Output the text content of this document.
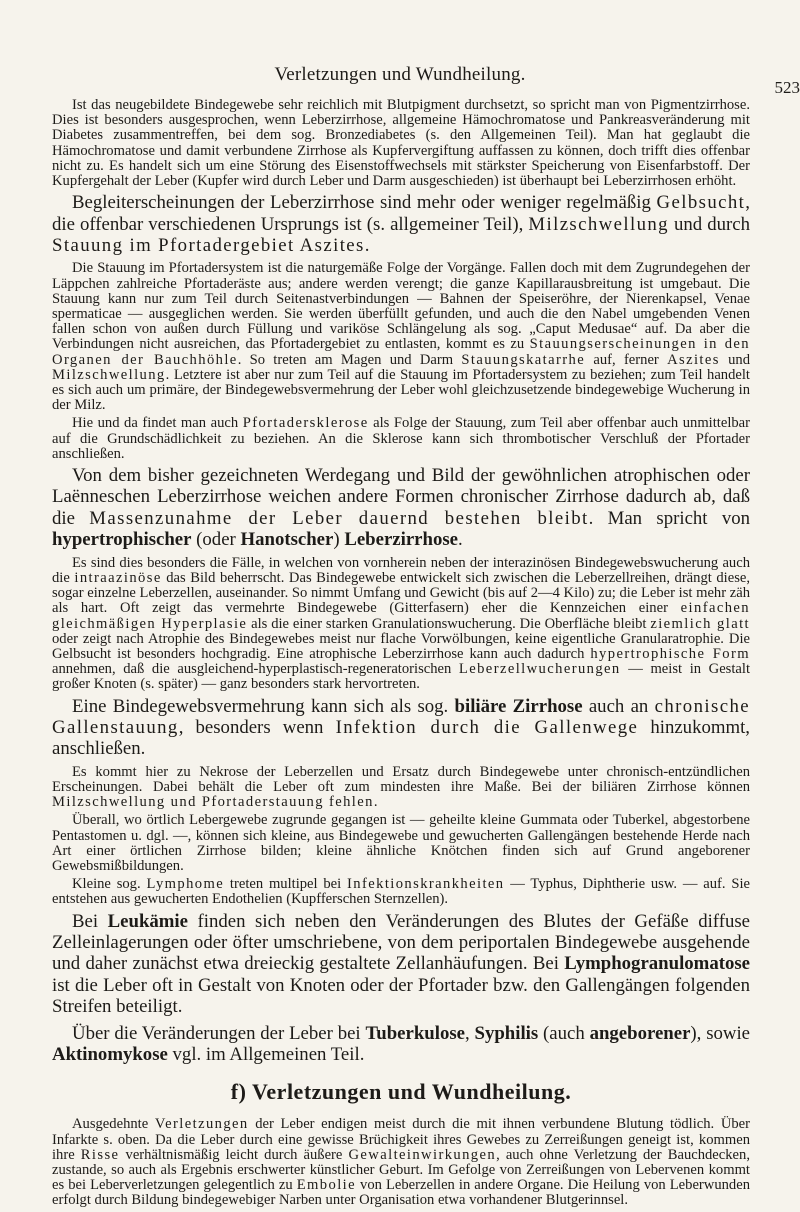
Verletzungen und Wundheilung.
523

Ist das neugebildete Bindegewebe sehr reichlich mit Blutpigment durchsetzt, so spricht man von Pigmentzirrhose. Dies ist besonders ausgesprochen, wenn Leberzirrhose, allgemeine Hämochromatose und Pankreasveränderung mit Diabetes zusammentreffen, bei dem sog. Bronzediabetes (s. den Allgemeinen Teil). Man hat geglaubt die Hämochromatose und damit verbundene Zirrhose als Kupfervergiftung auffassen zu können, doch trifft dies offenbar nicht zu. Es handelt sich um eine Störung des Eisenstoffwechsels mit stärkster Speicherung von Eisenfarbstoff. Der Kupfergehalt der Leber (Kupfer wird durch Leber und Darm ausgeschieden) ist überhaupt bei Leberzirrhosen erhöht.

Begleiterscheinungen der Leberzirrhose sind mehr oder weniger regelmäßig Gelbsucht, die offenbar verschiedenen Ursprungs ist (s. allgemeiner Teil), Milzschwellung und durch Stauung im Pfortadergebiet Aszites.

Die Stauung im Pfortadersystem ist die naturgemäße Folge der Vorgänge. Fallen doch mit dem Zugrundegehen der Läppchen zahlreiche Pfortaderäste aus; andere werden verengt; die ganze Kapillarausbreitung ist umgebaut. Die Stauung kann nur zum Teil durch Seitenastverbindungen — Bahnen der Speiseröhre, der Nierenkapsel, Venae spermaticae — ausgeglichen werden. Sie werden überfüllt gefunden, und auch die den Nabel umgebenden Venen fallen schon von außen durch Füllung und variköse Schlängelung als sog. „Caput Medusae“ auf. Da aber die Verbindungen nicht ausreichen, das Pfortadergebiet zu entlasten, kommt es zu Stauungserscheinungen in den Organen der Bauchhöhle. So treten am Magen und Darm Stauungskatarrhe auf, ferner Aszites und Milzschwellung. Letztere ist aber nur zum Teil auf die Stauung im Pfortadersystem zu beziehen; zum Teil handelt es sich auch um primäre, der Bindegewebsvermehrung der Leber wohl gleichzusetzende bindegewebige Wucherung in der Milz.

Hie und da findet man auch Pfortadersklerose als Folge der Stauung, zum Teil aber offenbar auch unmittelbar auf die Grundschädlichkeit zu beziehen. An die Sklerose kann sich thrombotischer Verschluß der Pfortader anschließen.

Von dem bisher gezeichneten Werdegang und Bild der gewöhnlichen atrophischen oder Laënneschen Leberzirrhose weichen andere Formen chronischer Zirrhose dadurch ab, daß die Massenzunahme der Leber dauernd bestehen bleibt. Man spricht von hypertrophischer (oder Hanotscher) Leberzirrhose.

Es sind dies besonders die Fälle, in welchen von vornherein neben der interazinösen Bindegewebswucherung auch die intraazinöse das Bild beherrscht. Das Bindegewebe entwickelt sich zwischen die Leberzellreihen, drängt diese, sogar einzelne Leberzellen, auseinander. So nimmt Umfang und Gewicht (bis auf 2—4 Kilo) zu; die Leber ist mehr zäh als hart. Oft zeigt das vermehrte Bindegewebe (Gitterfasern) eher die Kennzeichen einer einfachen gleichmäßigen Hyperplasie als die einer starken Granulationswucherung. Die Oberfläche bleibt ziemlich glatt oder zeigt nach Atrophie des Bindegewebes meist nur flache Vorwölbungen, keine eigentliche Granularatrophie. Die Gelbsucht ist besonders hochgradig. Eine atrophische Leberzirrhose kann auch dadurch hypertrophische Form annehmen, daß die ausgleichend-hyperplastisch-regeneratorischen Leberzellwucherungen — meist in Gestalt großer Knoten (s. später) — ganz besonders stark hervortreten.

Eine Bindegewebsvermehrung kann sich als sog. biliäre Zirrhose auch an chronische Gallenstauung, besonders wenn Infektion durch die Gallenwege hinzukommt, anschließen.

Es kommt hier zu Nekrose der Leberzellen und Ersatz durch Bindegewebe unter chronisch-entzündlichen Erscheinungen. Dabei behält die Leber oft zum mindesten ihre Maße. Bei der biliären Zirrhose können Milzschwellung und Pfortaderstauung fehlen.

Überall, wo örtlich Lebergewebe zugrunde gegangen ist — geheilte kleine Gummata oder Tuberkel, abgestorbene Pentastomen u. dgl. —, können sich kleine, aus Bindegewebe und gewucherten Gallengängen bestehende Herde nach Art einer örtlichen Zirrhose bilden; kleine ähnliche Knötchen finden sich auf Grund angeborener Gewebsmißbildungen.

Kleine sog. Lymphome treten multipel bei Infektionskrankheiten — Typhus, Diphtherie usw. — auf. Sie entstehen aus gewucherten Endothelien (Kupfferschen Sternzellen).

Bei Leukämie finden sich neben den Veränderungen des Blutes der Gefäße diffuse Zelleinlagerungen oder öfter umschriebene, von dem periportalen Bindegewebe ausgehende und daher zunächst etwa dreieckig gestaltete Zellanhäufungen. Bei Lymphogranulomatose ist die Leber oft in Gestalt von Knoten oder der Pfortader bzw. den Gallengängen folgenden Streifen beteiligt.

Über die Veränderungen der Leber bei Tuberkulose, Syphilis (auch angeborener), sowie Aktinomykose vgl. im Allgemeinen Teil.

f) Verletzungen und Wundheilung.

Ausgedehnte Verletzungen der Leber endigen meist durch die mit ihnen verbundene Blutung tödlich. Über Infarkte s. oben. Da die Leber durch eine gewisse Brüchigkeit ihres Gewebes zu Zerreißungen geneigt ist, kommen ihre Risse verhältnismäßig leicht durch äußere Gewalteinwirkungen, auch ohne Verletzung der Bauchdecken, zustande, so auch als Ergebnis erschwerter künstlicher Geburt. Im Gefolge von Zerreißungen von Lebervenen kommt es bei Leberverletzungen gelegentlich zu Embolie von Leberzellen in andere Organe. Die Heilung von Leberwunden erfolgt durch Bildung bindegewebiger Narben unter Organisation etwa vorhandener Blutgerinnsel.
